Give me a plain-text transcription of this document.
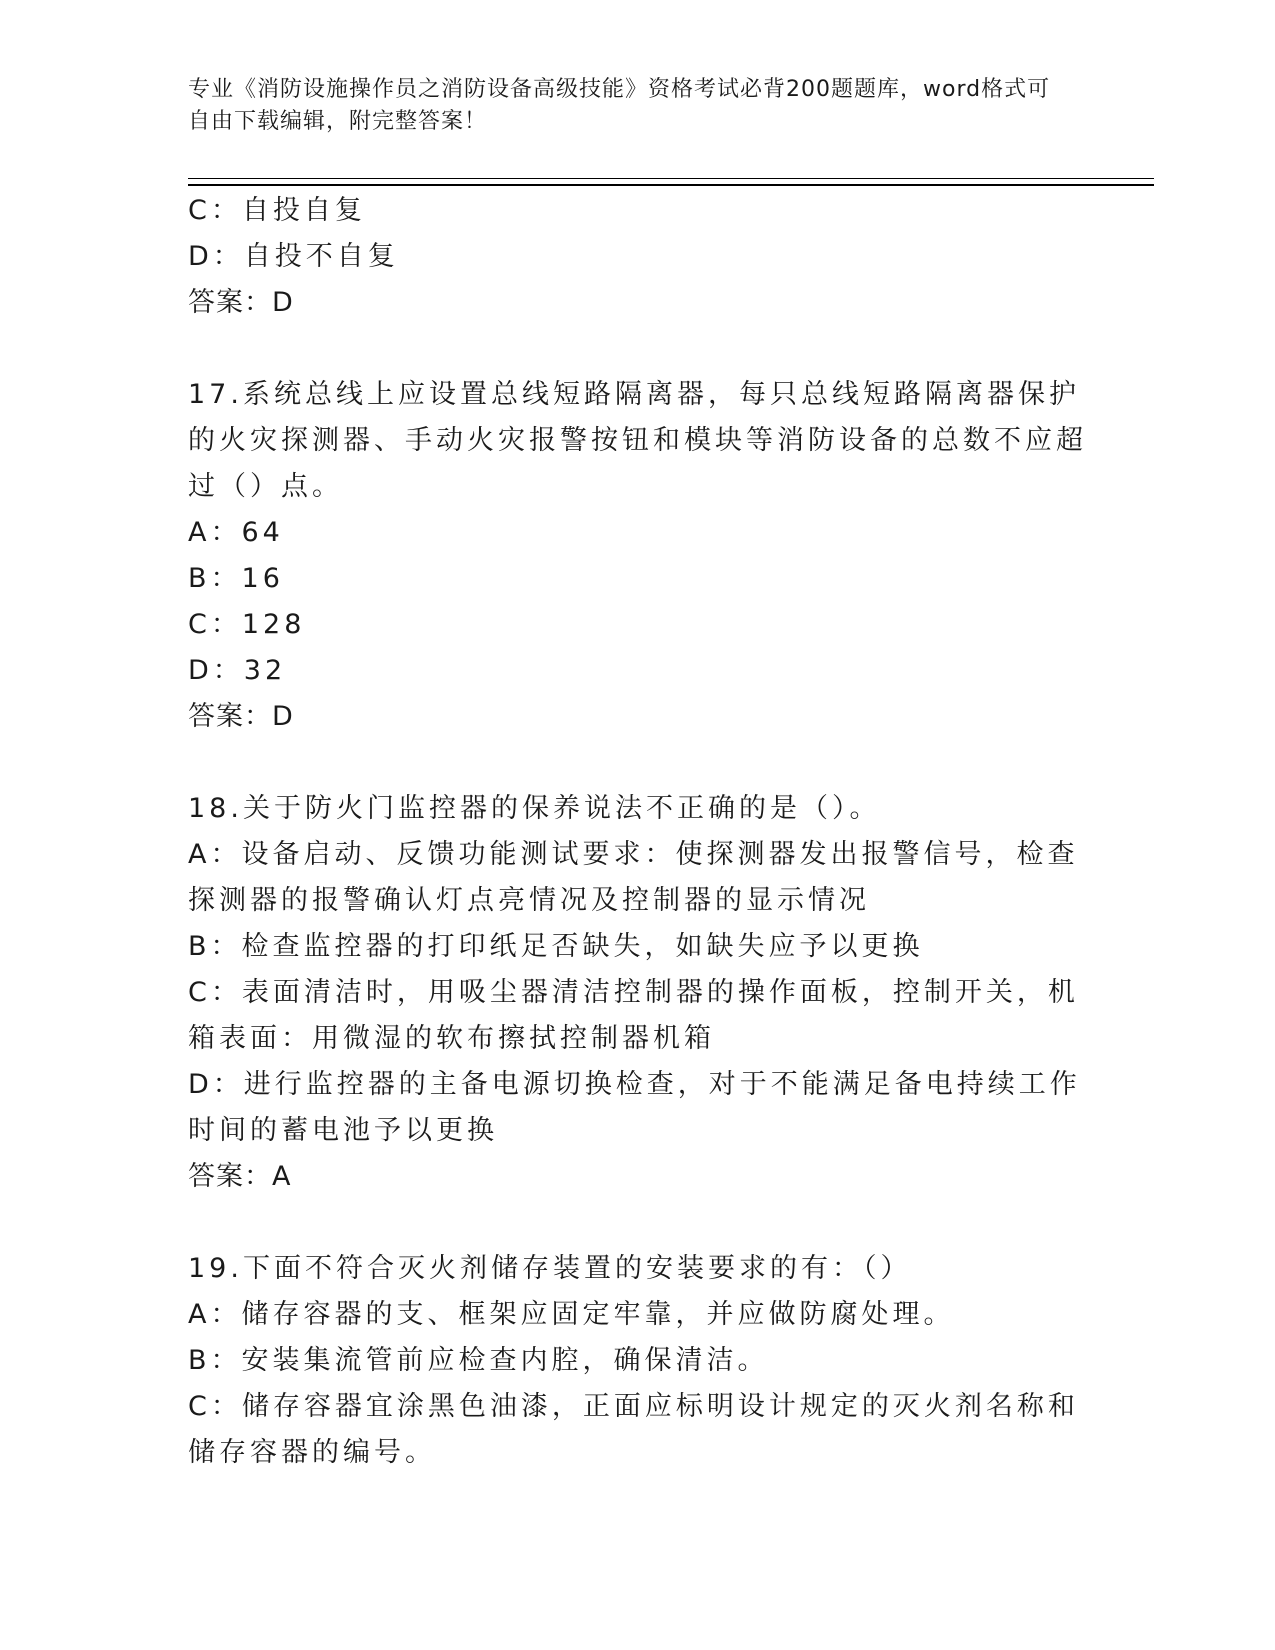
专业《消防设施操作员之消防设备高级技能》资格考试必背200题题库，word格式可自由下载编辑，附完整答案！
C：自投自复
D：自投不自复
答案：D
17.系统总线上应设置总线短路隔离器，每只总线短路隔离器保护的火灾探测器、手动火灾报警按钮和模块等消防设备的总数不应超过（）点。
A：64
B：16
C：128
D：32
答案：D
18.关于防火门监控器的保养说法不正确的是（）。
A：设备启动、反馈功能测试要求：使探测器发出报警信号，检查探测器的报警确认灯点亮情况及控制器的显示情况
B：检查监控器的打印纸足否缺失，如缺失应予以更换
C：表面清洁时，用吸尘器清洁控制器的操作面板，控制开关，机箱表面：用微湿的软布擦拭控制器机箱
D：进行监控器的主备电源切换检查，对于不能满足备电持续工作时间的蓄电池予以更换
答案：A
19.下面不符合灭火剂储存装置的安装要求的有：（）
A：储存容器的支、框架应固定牢靠，并应做防腐处理。
B：安装集流管前应检查内腔，确保清洁。
C：储存容器宜涂黑色油漆，正面应标明设计规定的灭火剂名称和储存容器的编号。
